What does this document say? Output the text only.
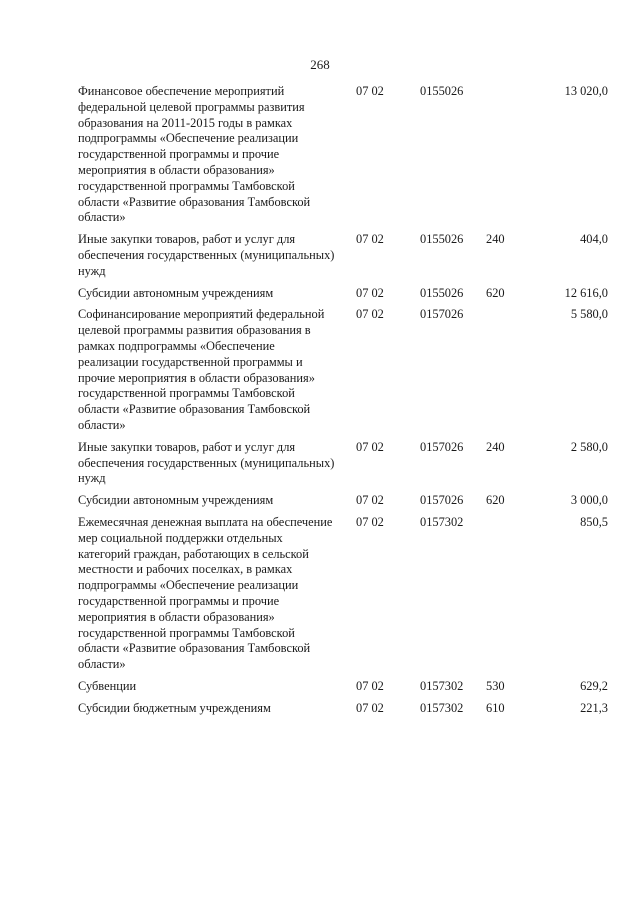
268
Финансовое обеспечение мероприятий федеральной целевой программы развития образования на 2011-2015 годы в рамках подпрограммы «Обеспечение реализации государственной программы и прочие мероприятия в области образования» государственной программы Тамбовской области «Развитие образования Тамбовской области»	07 02	0155026		13 020,0
Иные закупки товаров, работ и услуг для обеспечения государственных (муниципальных) нужд	07 02	0155026	240	404,0
Субсидии автономным учреждениям	07 02	0155026	620	12 616,0
Софинансирование мероприятий федеральной целевой программы развития образования в рамках подпрограммы «Обеспечение реализации государственной программы и прочие мероприятия в области образования» государственной программы Тамбовской области «Развитие образования Тамбовской области»	07 02	0157026		5 580,0
Иные закупки товаров, работ и услуг для обеспечения государственных (муниципальных) нужд	07 02	0157026	240	2 580,0
Субсидии автономным учреждениям	07 02	0157026	620	3 000,0
Ежемесячная денежная выплата на обеспечение мер социальной поддержки отдельных категорий граждан, работающих в сельской местности и рабочих поселках, в рамках подпрограммы «Обеспечение реализации государственной программы и прочие мероприятия в области образования» государственной программы Тамбовской области «Развитие образования Тамбовской области»	07 02	0157302		850,5
Субвенции	07 02	0157302	530	629,2
Субсидии бюджетным учреждениям	07 02	0157302	610	221,3
